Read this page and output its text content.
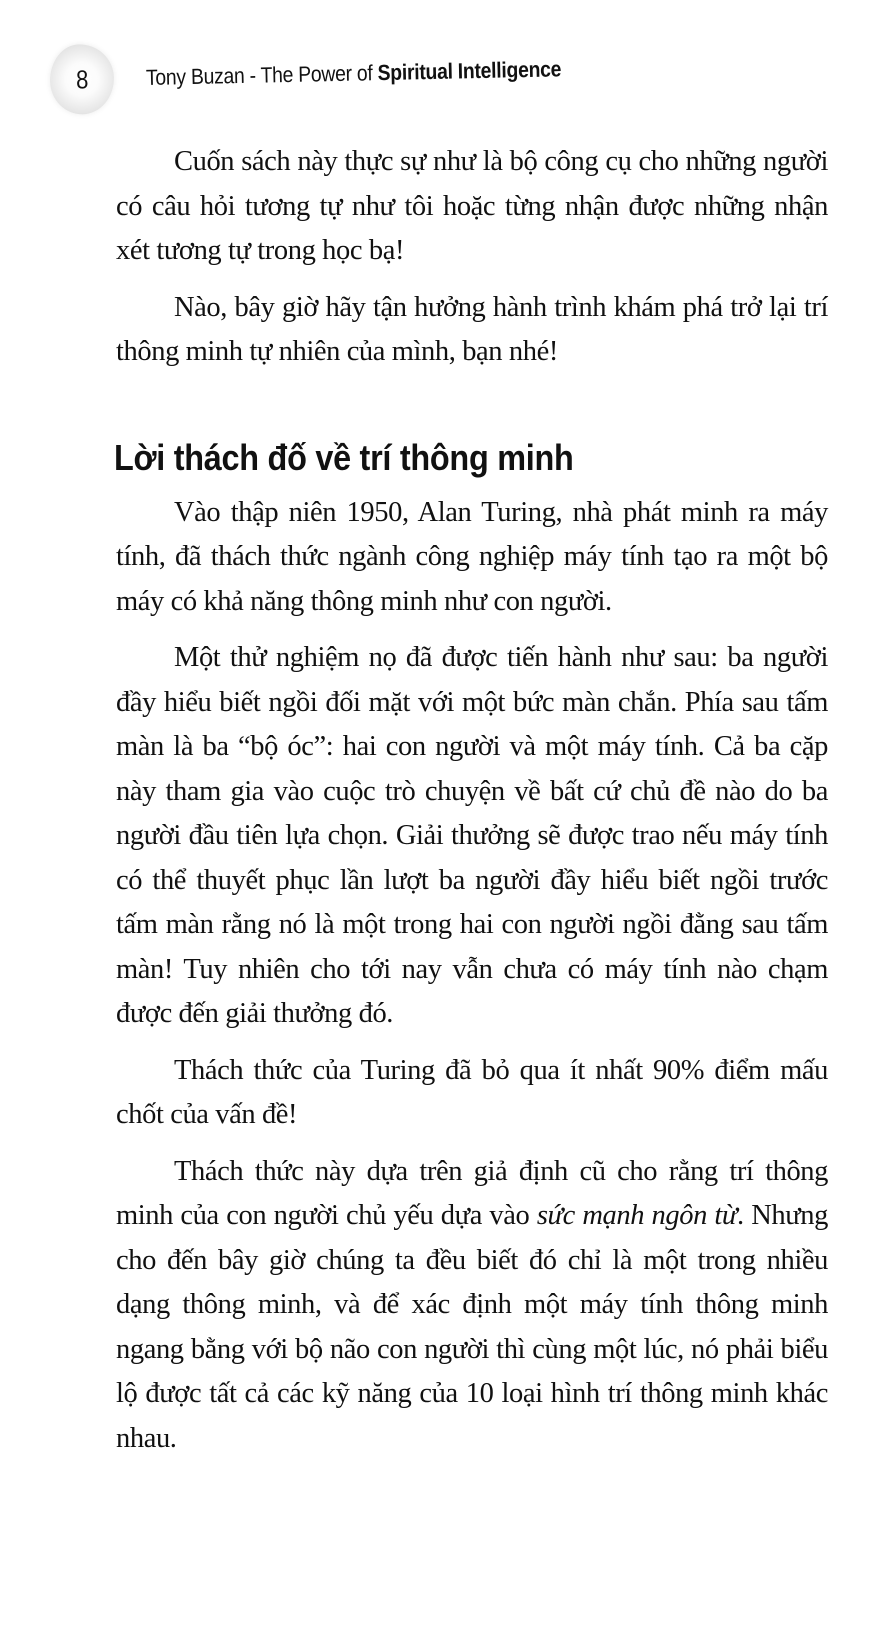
8	Tony Buzan - The Power of Spiritual Intelligence

Cuốn sách này thực sự như là bộ công cụ cho những người có câu hỏi tương tự như tôi hoặc từng nhận được những nhận xét tương tự trong học bạ!

Nào, bây giờ hãy tận hưởng hành trình khám phá trở lại trí thông minh tự nhiên của mình, bạn nhé!

Lời thách đố về trí thông minh

Vào thập niên 1950, Alan Turing, nhà phát minh ra máy tính, đã thách thức ngành công nghiệp máy tính tạo ra một bộ máy có khả năng thông minh như con người.

Một thử nghiệm nọ đã được tiến hành như sau: ba người đầy hiểu biết ngồi đối mặt với một bức màn chắn. Phía sau tấm màn là ba “bộ óc”: hai con người và một máy tính. Cả ba cặp này tham gia vào cuộc trò chuyện về bất cứ chủ đề nào do ba người đầu tiên lựa chọn. Giải thưởng sẽ được trao nếu máy tính có thể thuyết phục lần lượt ba người đầy hiểu biết ngồi trước tấm màn rằng nó là một trong hai con người ngồi đằng sau tấm màn! Tuy nhiên cho tới nay vẫn chưa có máy tính nào chạm được đến giải thưởng đó.

Thách thức của Turing đã bỏ qua ít nhất 90% điểm mấu chốt của vấn đề!

Thách thức này dựa trên giả định cũ cho rằng trí thông minh của con người chủ yếu dựa vào sức mạnh ngôn từ. Nhưng cho đến bây giờ chúng ta đều biết đó chỉ là một trong nhiều dạng thông minh, và để xác định một máy tính thông minh ngang bằng với bộ não con người thì cùng một lúc, nó phải biểu lộ được tất cả các kỹ năng của 10 loại hình trí thông minh khác nhau.
